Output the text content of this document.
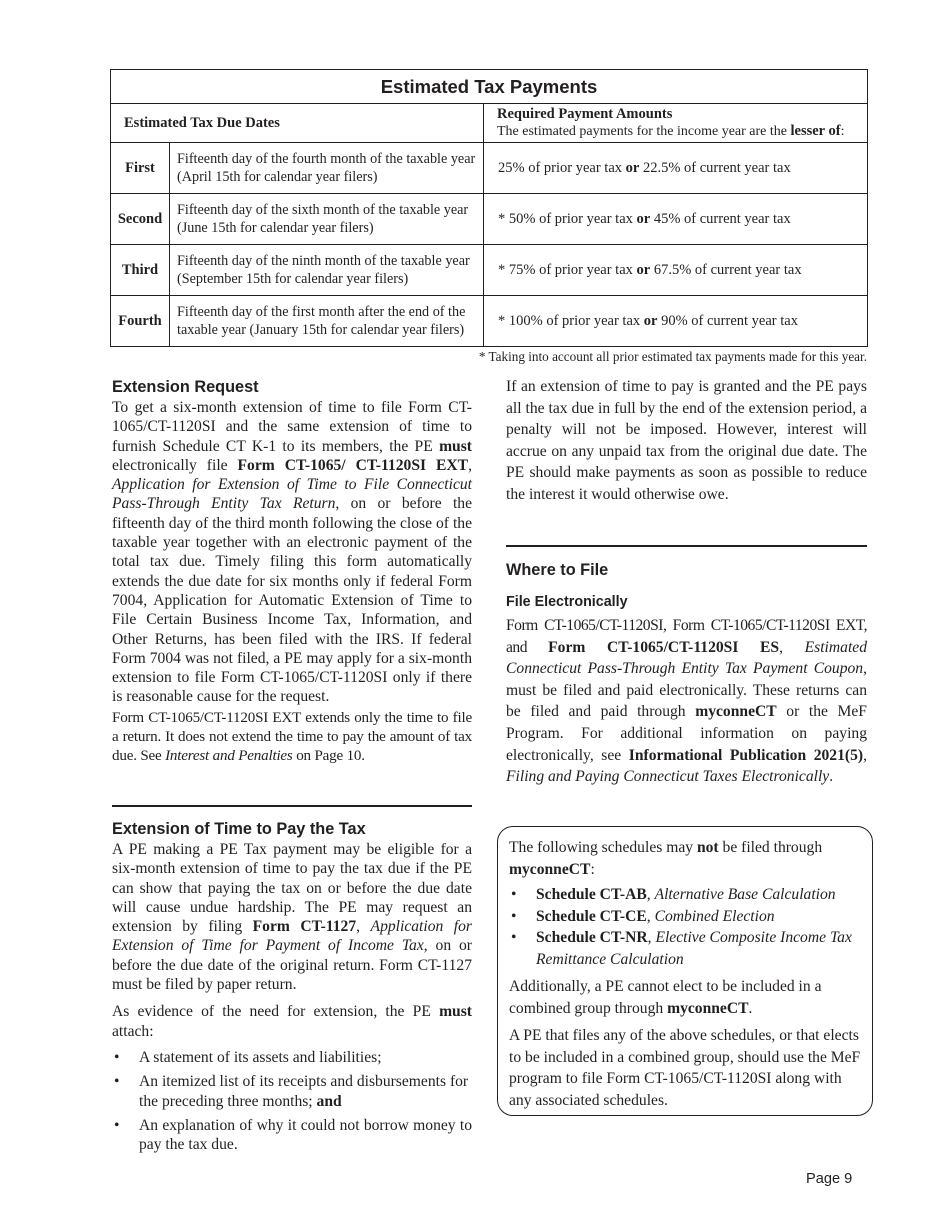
Estimated Tax Payments		
Estimated Tax Due Dates		Required Payment Amounts
The estimated payments for the income year are the lesser of:
First	Fifteenth day of the fourth month of the taxable year (April 15th for calendar year filers)	25% of prior year tax or 22.5% of current year tax
Second	Fifteenth day of the sixth month of the taxable year (June 15th for calendar year filers)	* 50% of prior year tax or 45% of current year tax
Third	Fifteenth day of the ninth month of the taxable year (September 15th for calendar year filers)	* 75% of prior year tax or 67.5% of current year tax
Fourth	Fifteenth day of the first month after the end of the taxable year (January 15th for calendar year filers)	* 100% of prior year tax or 90% of current year tax
* Taking into account all prior estimated tax payments made for this year.
Extension Request

To get a six-month extension of time to file Form CT-1065/CT-1120SI and the same extension of time to furnish Schedule CT K-1 to its members, the PE must electronically file Form CT-1065/ CT-1120SI EXT, Application for Extension of Time to File Connecticut Pass-Through Entity Tax Return, on or before the fifteenth day of the third month following the close of the taxable year together with an electronic payment of the total tax due. Timely filing this form automatically extends the due date for six months only if federal Form 7004, Application for Automatic Extension of Time to File Certain Business Income Tax, Information, and Other Returns, has been filed with the IRS. If federal Form 7004 was not filed, a PE may apply for a six-month extension to file Form CT-1065/CT-1120SI only if there is reasonable cause for the request.

Form CT-1065/CT-1120SI EXT extends only the time to file a return. It does not extend the time to pay the amount of tax due. See Interest and Penalties on Page 10.

Extension of Time to Pay the Tax

A PE making a PE Tax payment may be eligible for a six-month extension of time to pay the tax due if the PE can show that paying the tax on or before the due date will cause undue hardship. The PE may request an extension by filing Form CT-1127, Application for Extension of Time for Payment of Income Tax, on or before the due date of the original return. Form CT-1127 must be filed by paper return.

As evidence of the need for extension, the PE must attach:

• A statement of its assets and liabilities;
• An itemized list of its receipts and disbursements for the preceding three months; and
• An explanation of why it could not borrow money to pay the tax due.

If an extension of time to pay is granted and the PE pays all the tax due in full by the end of the extension period, a penalty will not be imposed. However, interest will accrue on any unpaid tax from the original due date. The PE should make payments as soon as possible to reduce the interest it would otherwise owe.

Where to File
File Electronically

Form CT-1065/CT-1120SI, Form CT-1065/CT-1120SI EXT, and Form CT-1065/CT-1120SI ES, Estimated Connecticut Pass-Through Entity Tax Payment Coupon, must be filed and paid electronically. These returns can be filed and paid through myconneCT or the MeF Program. For additional information on paying electronically, see Informational Publication 2021(5), Filing and Paying Connecticut Taxes Electronically.

The following schedules may not be filed through myconneCT:

• Schedule CT-AB, Alternative Base Calculation
• Schedule CT-CE, Combined Election
• Schedule CT-NR, Elective Composite Income Tax Remittance Calculation

Additionally, a PE cannot elect to be included in a combined group through myconneCT.

A PE that files any of the above schedules, or that elects to be included in a combined group, should use the MeF program to file Form CT-1065/CT-1120SI along with any associated schedules.

Page 9
